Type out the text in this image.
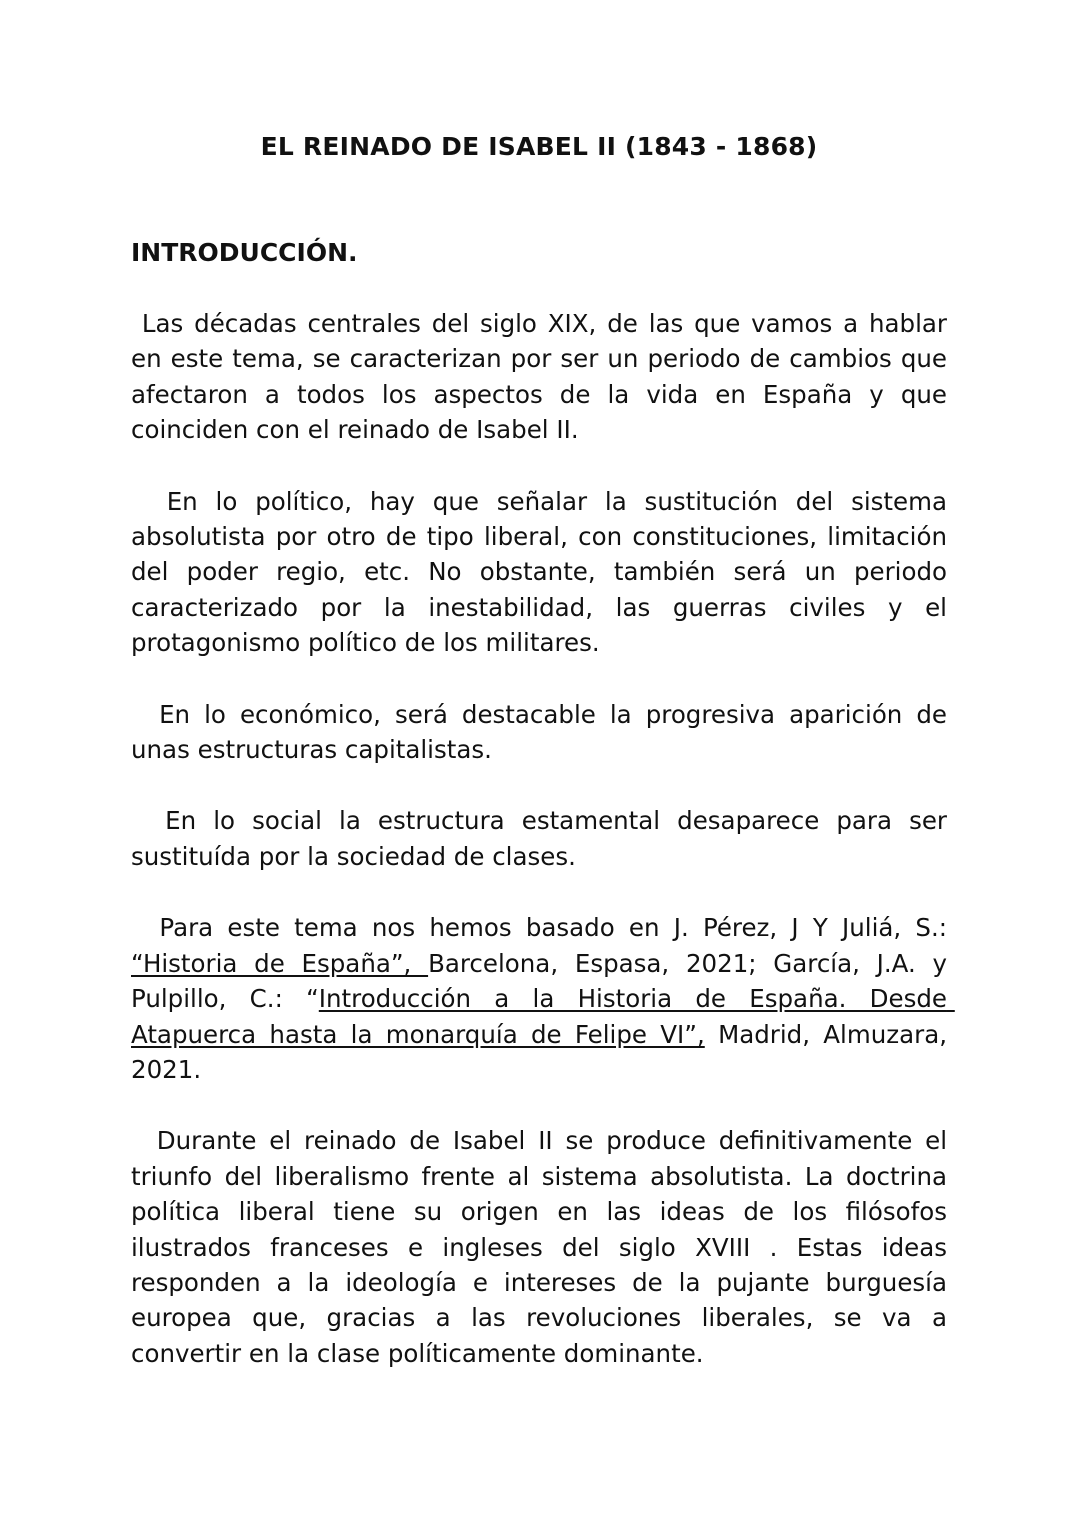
EL REINADO DE ISABEL II (1843 - 1868)
INTRODUCCIÓN.

Las décadas centrales del siglo XIX, de las que vamos a hablar en este tema, se caracterizan por ser un periodo de cambios que afectaron a todos los aspectos de la vida en España y que coinciden con el reinado de Isabel II.

En lo político, hay que señalar la sustitución del sistema absolutista por otro de tipo liberal, con constituciones, limitación del poder regio, etc. No obstante, también será un periodo caracterizado por la inestabilidad, las guerras civiles y el protagonismo político de los militares.

En lo económico, será destacable la progresiva aparición de unas estructuras capitalistas.

En lo social la estructura estamental desaparece para ser sustituída por la sociedad de clases.

Para este tema nos hemos basado en J. Pérez, J Y Juliá, S.: “Historia de España”, Barcelona, Espasa, 2021; García, J.A. y Pulpillo, C.: “Introducción a la Historia de España. Desde Atapuerca hasta la monarquía de Felipe VI”, Madrid, Almuzara, 2021.

Durante el reinado de Isabel II se produce definitivamente el triunfo del liberalismo frente al sistema absolutista. La doctrina política liberal tiene su origen en las ideas de los filósofos ilustrados franceses e ingleses del siglo XVIII . Estas ideas responden a la ideología e intereses de la pujante burguesía europea que, gracias a las revoluciones liberales, se va a convertir en la clase políticamente dominante.
